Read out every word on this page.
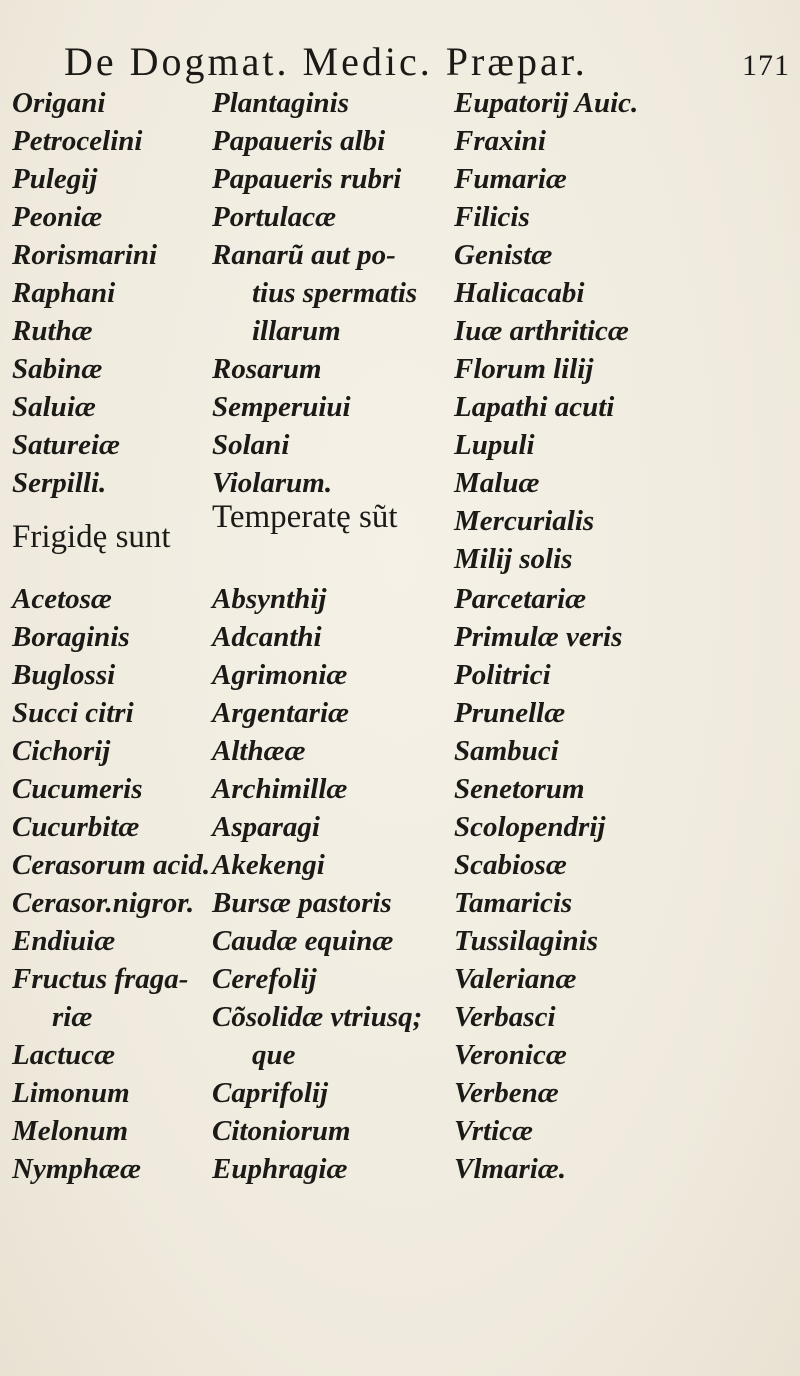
De Dogmat. Medic. Præpar.	171
Origani
Petrocelini
Pulegij
Peoniæ
Rorismarini
Raphani
Ruthæ
Sabinæ
Saluiæ
Satureiæ
Serpilli.
Plantaginis
Papaueris albi
Papaueris rubri
Portulacæ
Ranarũ aut po-
tius spermatis
illarum
Rosarum
Semperuiui
Solani
Violarum.
Eupatorij Auic.
Fraxini
Fumariæ
Filicis
Genistæ
Halicacabi
Iuæ arthriticæ
Florum lilij
Lapathi acuti
Lupuli
Maluæ
Mercurialis
Milij solis
Frigidę sunt
Temperatę sũt
Acetosæ
Boraginis
Buglossi
Succi citri
Cichorij
Cucumeris
Cucurbitæ
Cerasorum acid.
Cerasor.nigror.
Endiuiæ
Fructus fraga-
riæ
Lactucæ
Limonum
Melonum
Nymphææ
Absynthij
Adcanthi
Agrimoniæ
Argentariæ
Althææ
Archimillæ
Asparagi
Akekengi
Bursæ pastoris
Caudæ equinæ
Cerefolij
Cõsolidæ vtriusq;
que
Caprifolij
Citoniorum
Euphragiæ
Parcetariæ
Primulæ veris
Politrici
Prunellæ
Sambuci
Senetorum
Scolopendrij
Scabiosæ
Tamaricis
Tussilaginis
Valerianæ
Verbasci
Veronicæ
Verbenæ
Vrticæ
Vlmariæ.
